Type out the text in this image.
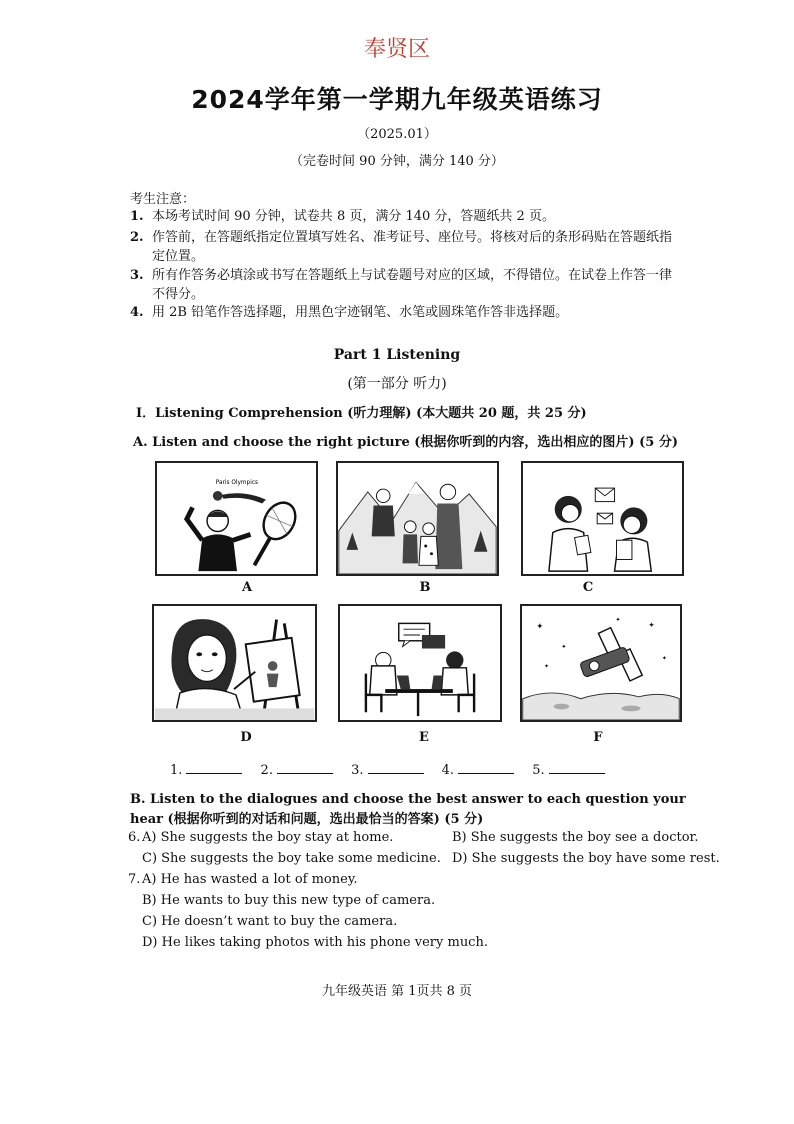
奉贤区
2024学年第一学期九年级英语练习
（2025.01）
（完卷时间 90 分钟，满分 140 分）
考生注意：
1. 本场考试时间 90 分钟，试卷共 8 页，满分 140 分，答题纸共 2 页。
2. 作答前，在答题纸指定位置填写姓名、准考证号、座位号。将核对后的条形码贴在答题纸指定位置。
3. 所有作答务必填涂或书写在答题纸上与试卷题号对应的区域，不得错位。在试卷上作答一律不得分。
4. 用 2B 铅笔作答选择题，用黑色字迹钢笔、水笔或圆珠笔作答非选择题。
Part 1 Listening
(第一部分 听力)
I．Listening Comprehension (听力理解) (本大题共 20 题，共 25 分)
A. Listen and choose the right picture (根据你听到的内容，选出相应的图片) (5 分)
Paris Olympics
A	B	C
D	E
✦
✦
✦
✦
✦
✦
F
1.	2.	3.	4.	5.
B. Listen to the dialogues and choose the best answer to each question your hear (根据你听到的对话和问题，选出最恰当的答案) (5 分)
6. A) She suggests the boy stay at home.	B) She suggests the boy see a doctor.
C) She suggests the boy take some medicine. D) She suggests the boy have some rest.
7. A) He has wasted a lot of money.
B) He wants to buy this new type of camera.
C) He doesn’t want to buy the camera.
D) He likes taking photos with his phone very much.
九年级英语 第 1页共 8 页
